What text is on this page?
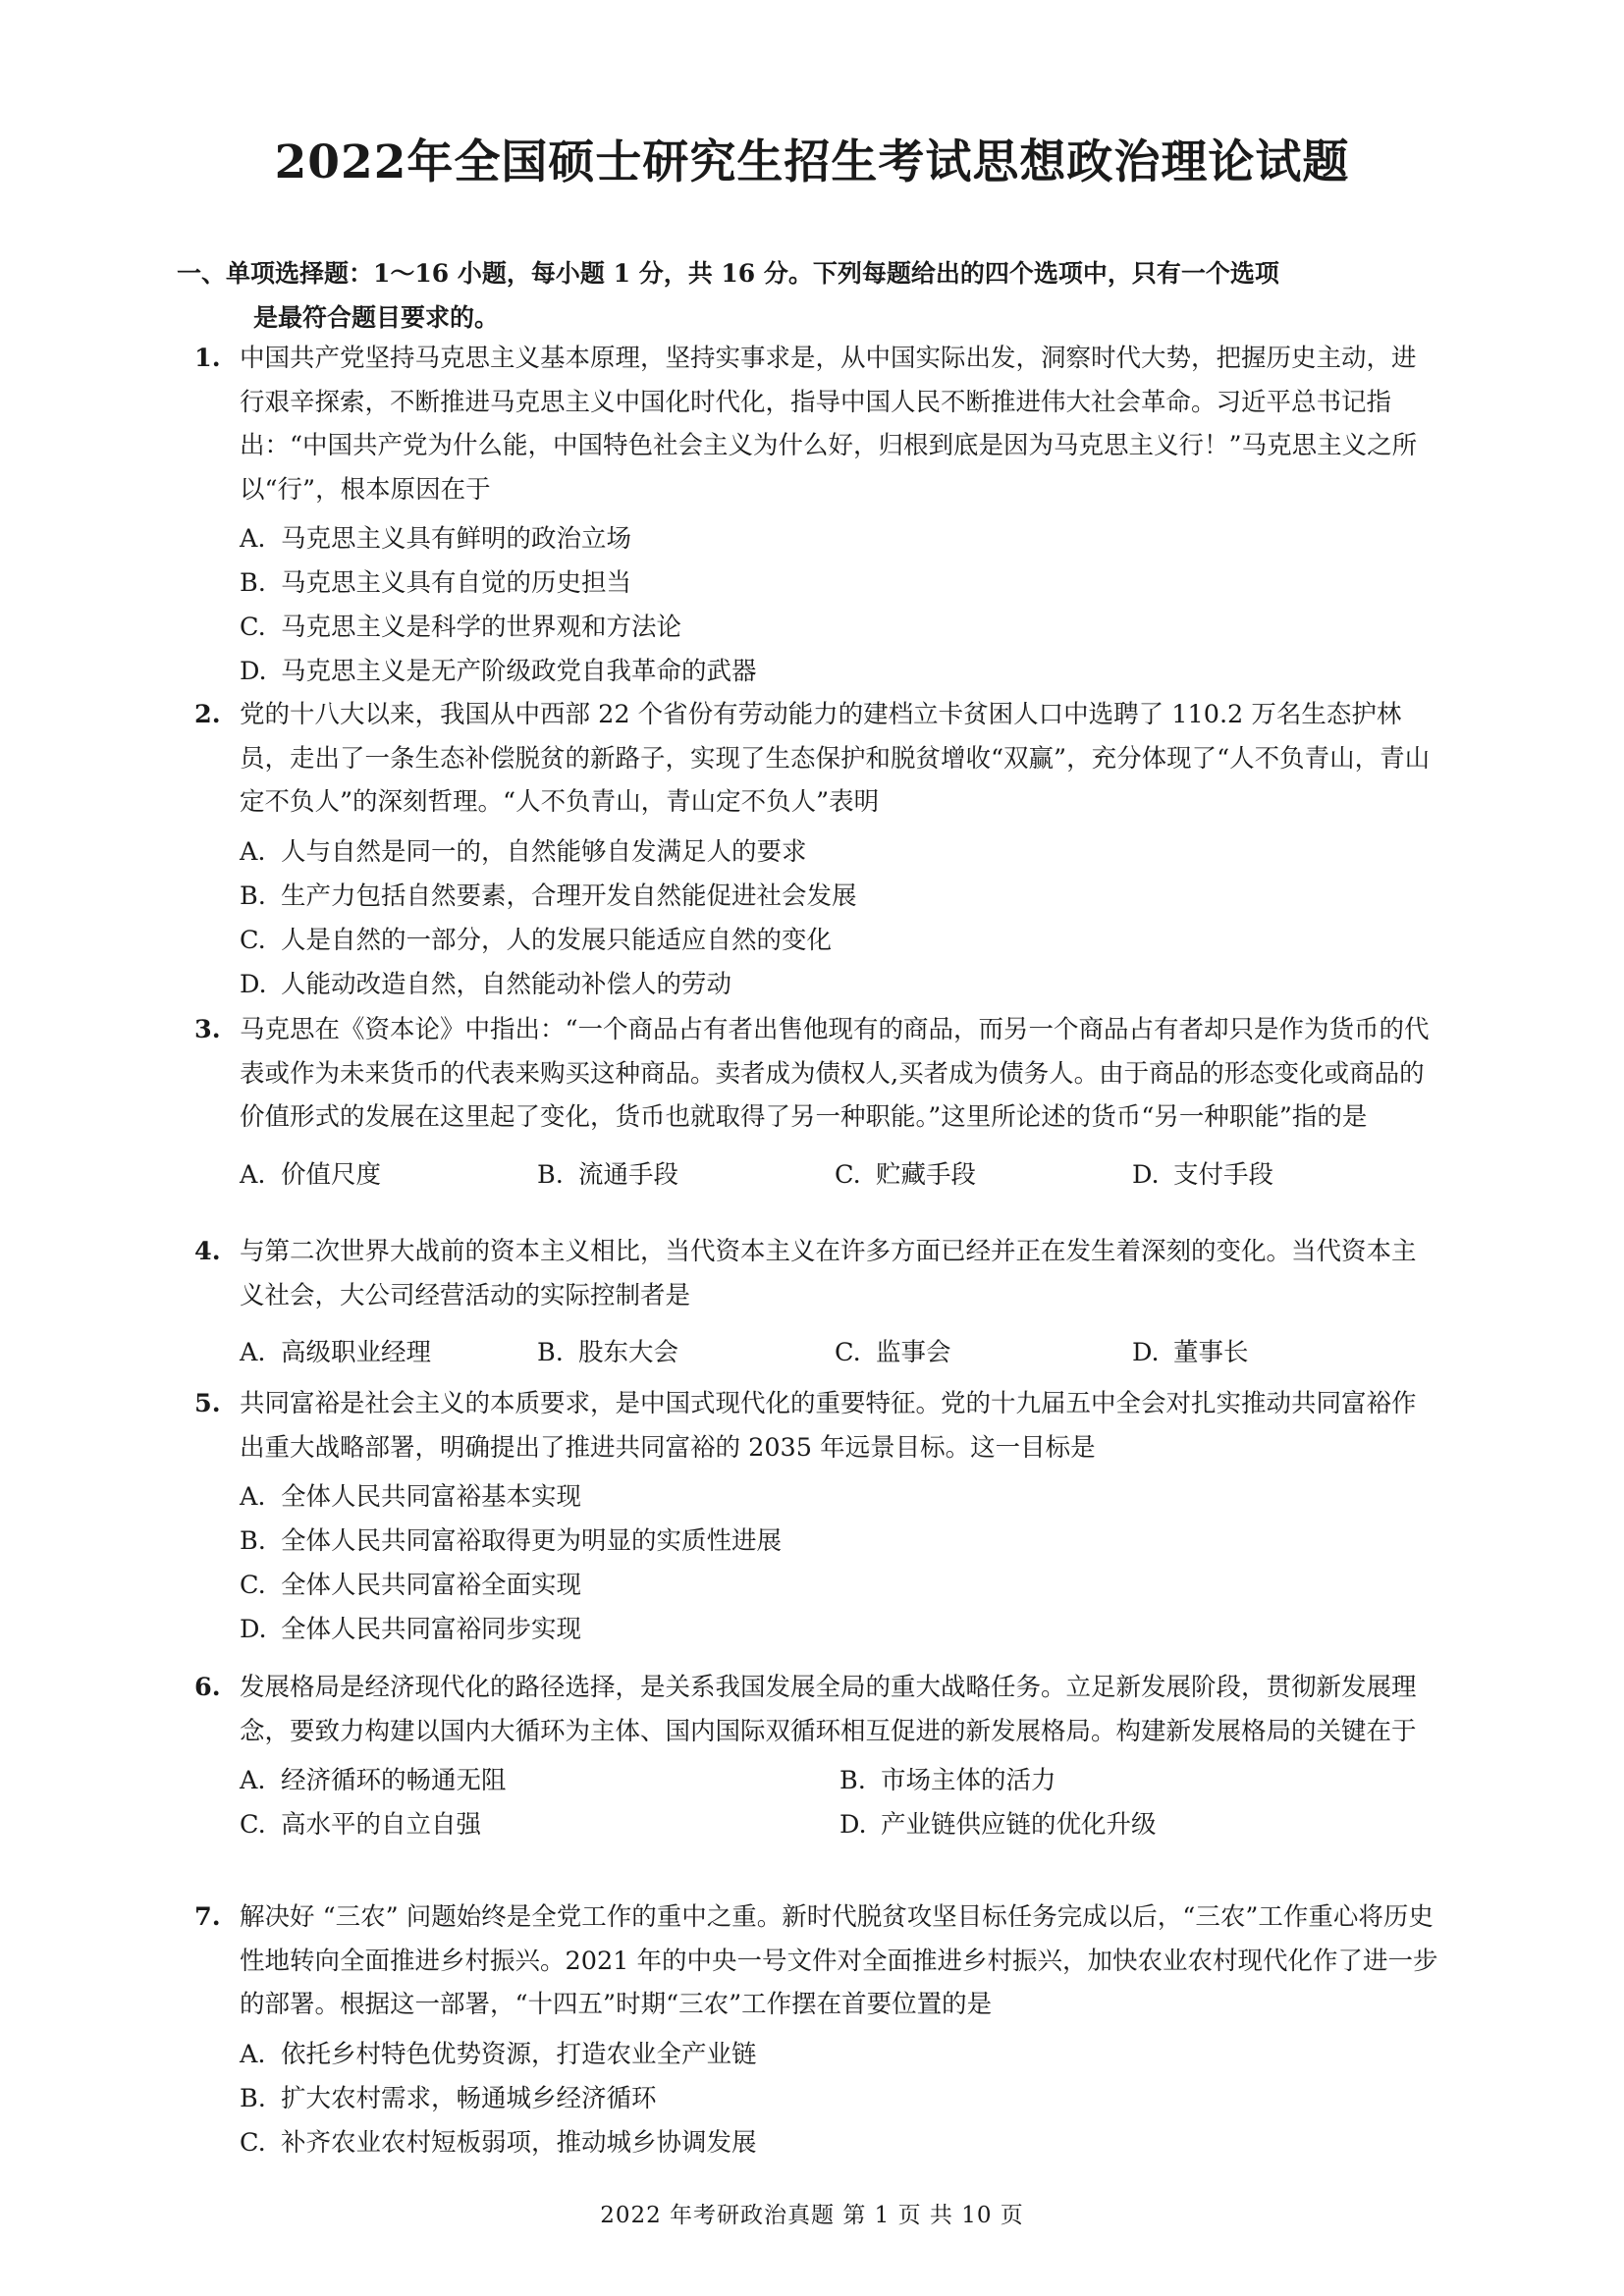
2022年全国硕士研究生招生考试思想政治理论试题
一、单项选择题：1～16 小题，每小题 1 分，共 16 分。下列每题给出的四个选项中，只有一个选项
是最符合题目要求的。
1. 中国共产党坚持马克思主义基本原理，坚持实事求是，从中国实际出发，洞察时代大势，把握历史主动，进行艰辛探索，不断推进马克思主义中国化时代化，指导中国人民不断推进伟大社会革命。习近平总书记指出：“中国共产党为什么能，中国特色社会主义为什么好，归根到底是因为马克思主义行！”马克思主义之所以“行”，根本原因在于
A. 马克思主义具有鲜明的政治立场
B. 马克思主义具有自觉的历史担当
C. 马克思主义是科学的世界观和方法论
D. 马克思主义是无产阶级政党自我革命的武器
2. 党的十八大以来，我国从中西部 22 个省份有劳动能力的建档立卡贫困人口中选聘了 110.2 万名生态护林员，走出了一条生态补偿脱贫的新路子，实现了生态保护和脱贫增收“双赢”，充分体现了“人不负青山，青山定不负人”的深刻哲理。“人不负青山，青山定不负人”表明
A. 人与自然是同一的，自然能够自发满足人的要求
B. 生产力包括自然要素，合理开发自然能促进社会发展
C. 人是自然的一部分，人的发展只能适应自然的变化
D. 人能动改造自然，自然能动补偿人的劳动
3. 马克思在《资本论》中指出：“一个商品占有者出售他现有的商品，而另一个商品占有者却只是作为货币的代表或作为未来货币的代表来购买这种商品。卖者成为债权人,买者成为债务人。由于商品的形态变化或商品的价值形式的发展在这里起了变化，货币也就取得了另一种职能。”这里所论述的货币“另一种职能”指的是
A. 价值尺度	B. 流通手段	C. 贮藏手段	D. 支付手段
4. 与第二次世界大战前的资本主义相比，当代资本主义在许多方面已经并正在发生着深刻的变化。当代资本主义社会，大公司经营活动的实际控制者是
A. 高级职业经理	B. 股东大会	C. 监事会	D. 董事长
5. 共同富裕是社会主义的本质要求，是中国式现代化的重要特征。党的十九届五中全会对扎实推动共同富裕作出重大战略部署，明确提出了推进共同富裕的 2035 年远景目标。这一目标是
A. 全体人民共同富裕基本实现
B. 全体人民共同富裕取得更为明显的实质性进展
C. 全体人民共同富裕全面实现
D. 全体人民共同富裕同步实现
6. 发展格局是经济现代化的路径选择，是关系我国发展全局的重大战略任务。立足新发展阶段，贯彻新发展理念，要致力构建以国内大循环为主体、国内国际双循环相互促进的新发展格局。构建新发展格局的关键在于
A. 经济循环的畅通无阻	B. 市场主体的活力
C. 高水平的自立自强	D. 产业链供应链的优化升级
7. 解决好 “三农” 问题始终是全党工作的重中之重。新时代脱贫攻坚目标任务完成以后，“三农”工作重心将历史性地转向全面推进乡村振兴。2021 年的中央一号文件对全面推进乡村振兴，加快农业农村现代化作了进一步的部署。根据这一部署，“十四五”时期“三农”工作摆在首要位置的是
A. 依托乡村特色优势资源，打造农业全产业链
B. 扩大农村需求，畅通城乡经济循环
C. 补齐农业农村短板弱项，推动城乡协调发展
2022 年考研政治真题 第 1 页 共 10 页
